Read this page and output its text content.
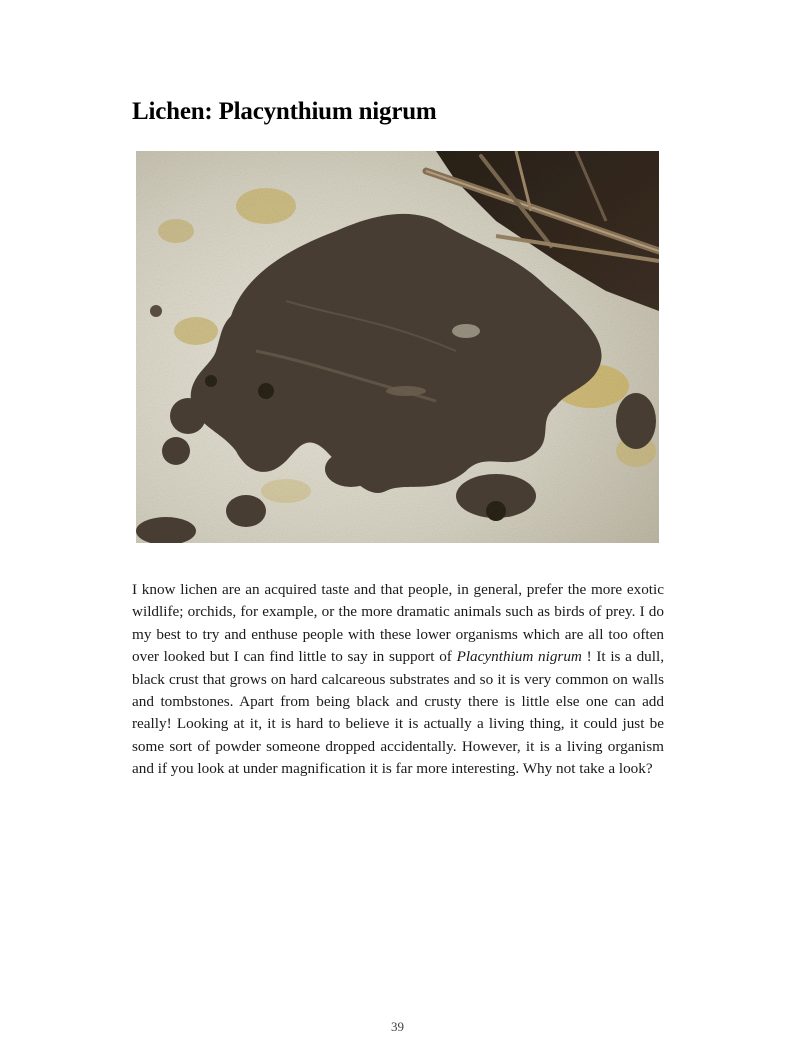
Lichen: Placynthium nigrum

I know lichen are an acquired taste and that people, in general, prefer the more exotic wildlife; orchids, for example, or the more dramatic animals such as birds of prey. I do my best to try and enthuse people with these lower organisms which are all too often over looked but I can find little to say in support of Placynthium nigrum ! It is a dull, black crust that grows on hard calcareous substrates and so it is very common on walls and tombstones. Apart from being black and crusty there is little else one can add really! Looking at it, it is hard to believe it is actually a living thing, it could just be some sort of powder someone dropped accidentally. However, it is a living organism and if you look at under magnification it is far more interesting. Why not take a look?

39
